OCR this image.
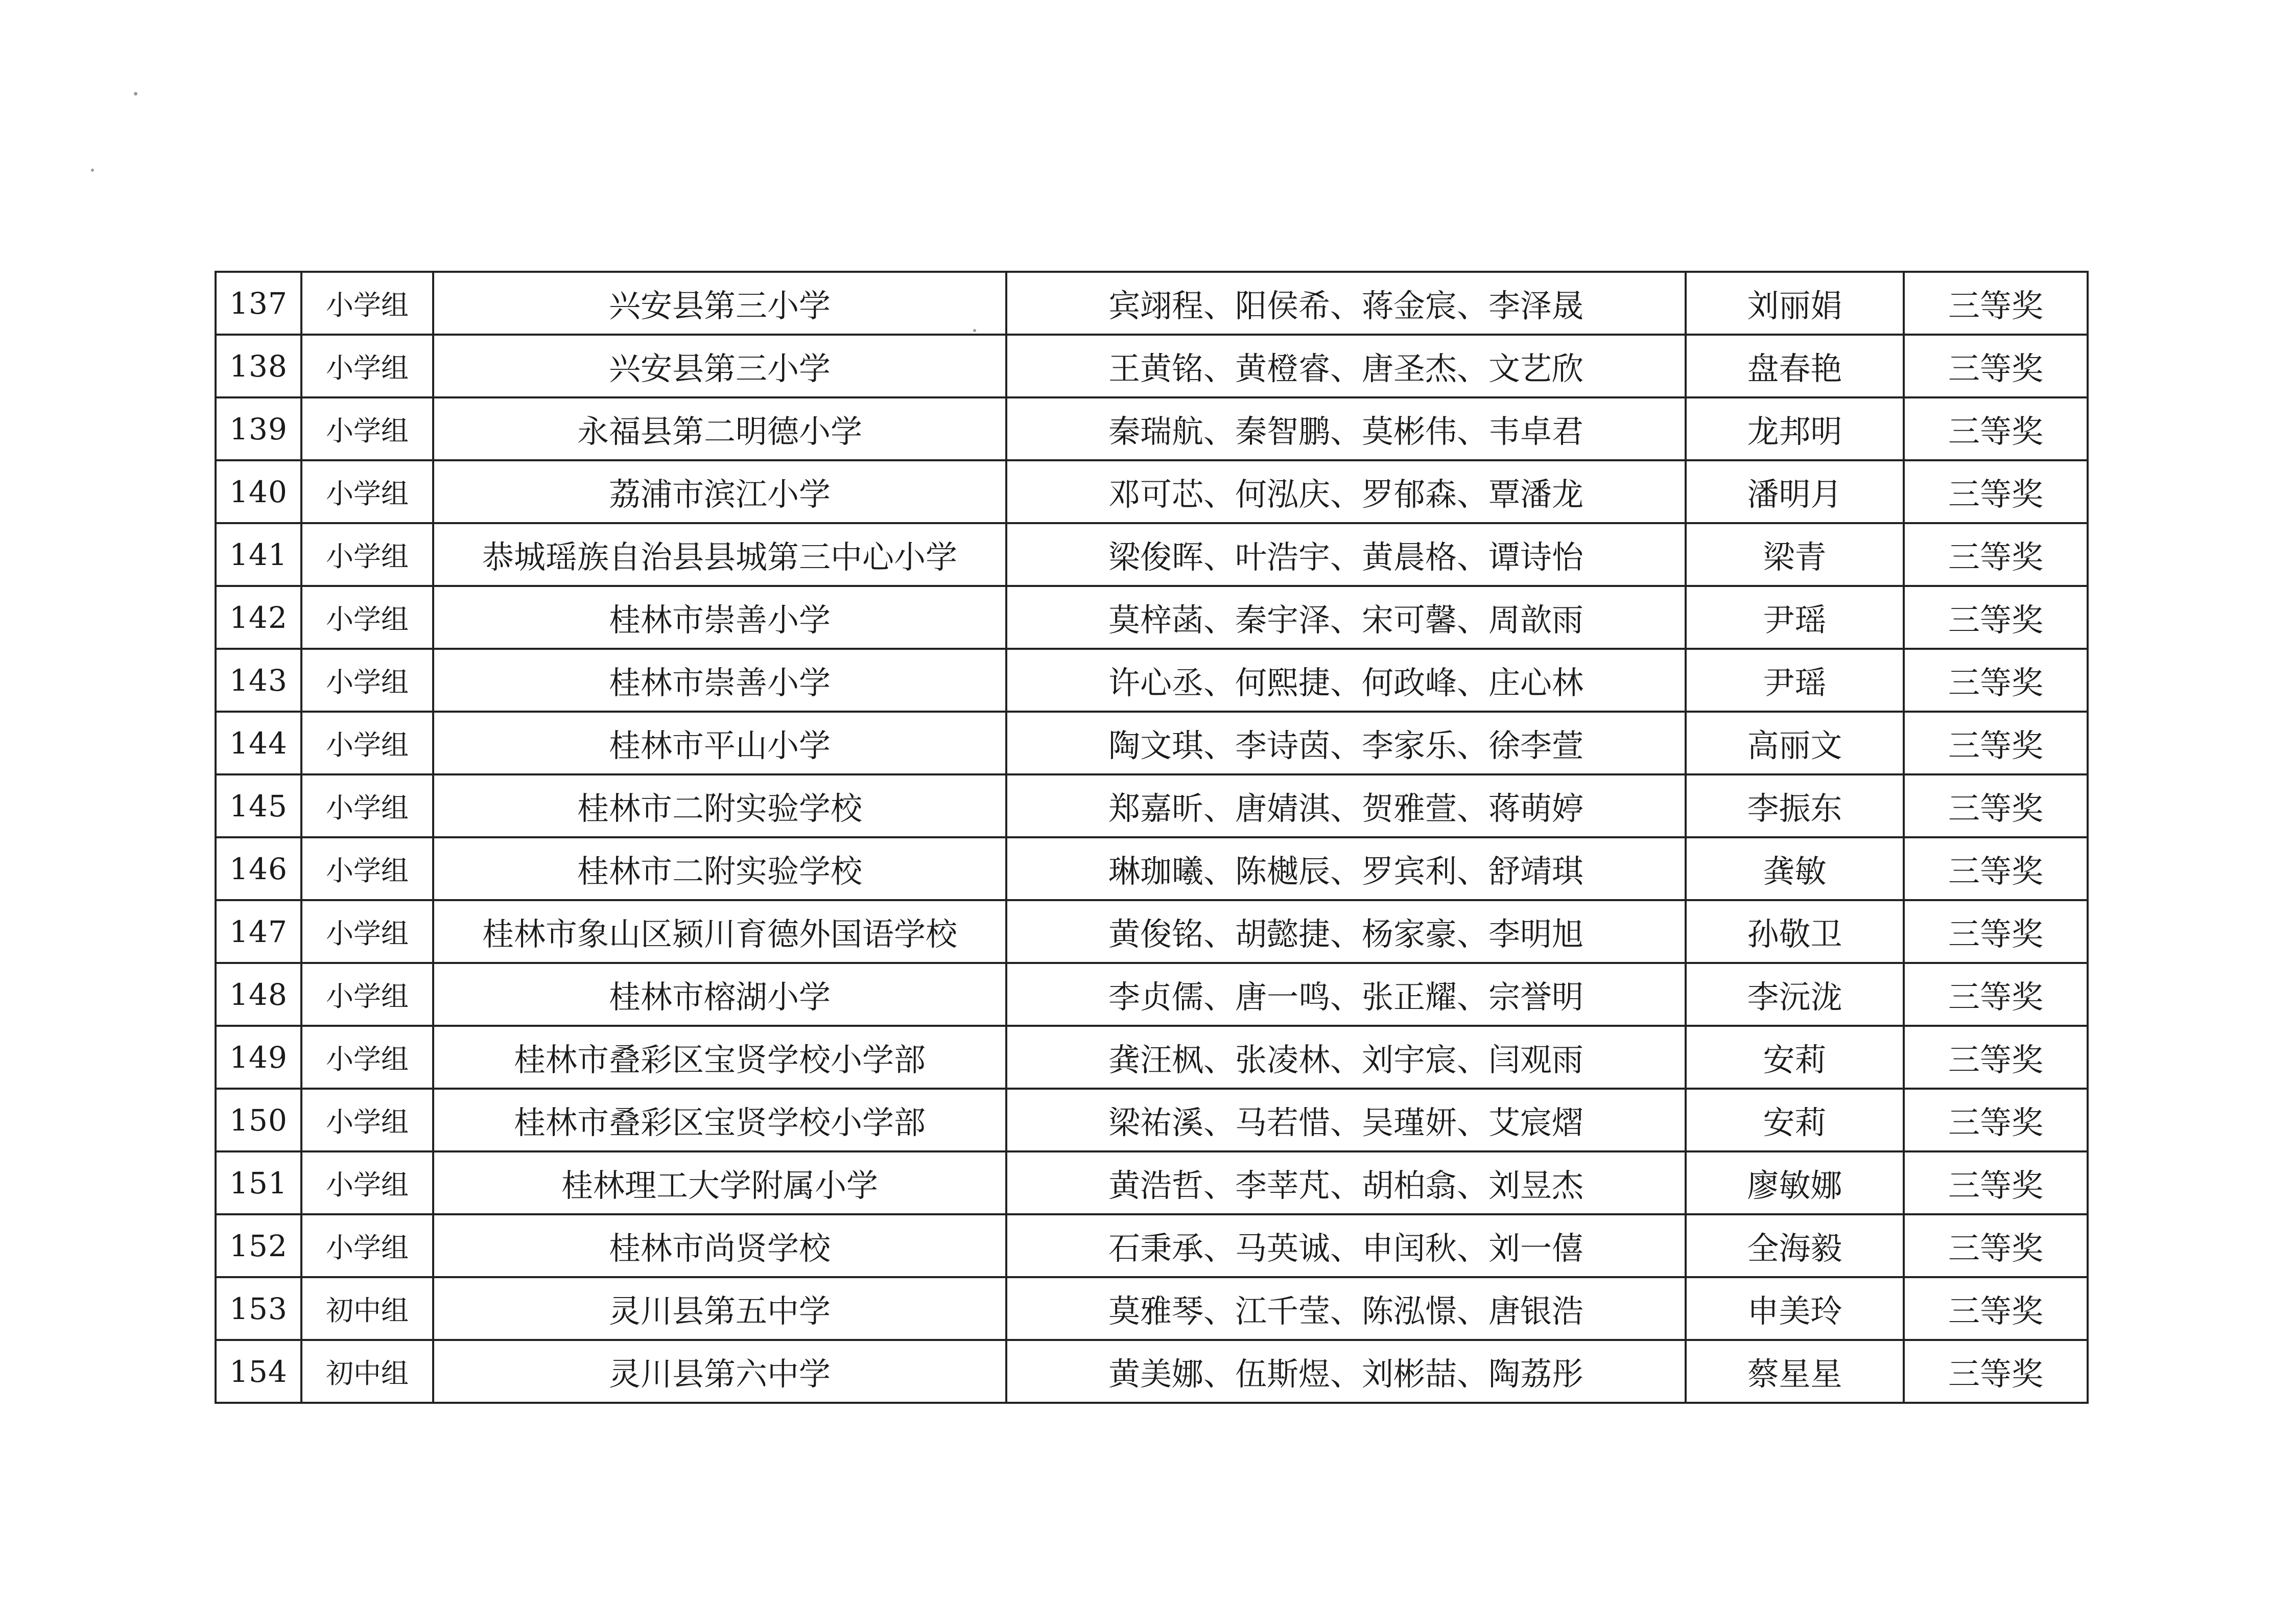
137	小学组	兴安县第三小学	宾翊程、阳侯希、蒋金宸、李泽晟	刘丽娟	三等奖
138	小学组	兴安县第三小学	王黄铭、黄橙睿、唐圣杰、文艺欣	盘春艳	三等奖
139	小学组	永福县第二明德小学	秦瑞航、秦智鹏、莫彬伟、韦卓君	龙邦明	三等奖
140	小学组	荔浦市滨江小学	邓可芯、何泓庆、罗郁森、覃潘龙	潘明月	三等奖
141	小学组	恭城瑶族自治县县城第三中心小学	梁俊晖、叶浩宇、黄晨格、谭诗怡	梁青	三等奖
142	小学组	桂林市崇善小学	莫梓菡、秦宇泽、宋可馨、周歆雨	尹瑶	三等奖
143	小学组	桂林市崇善小学	许心丞、何熙捷、何政峰、庄心林	尹瑶	三等奖
144	小学组	桂林市平山小学	陶文琪、李诗茵、李家乐、徐李萱	高丽文	三等奖
145	小学组	桂林市二附实验学校	郑嘉昕、唐婧淇、贺雅萱、蒋萌婷	李振东	三等奖
146	小学组	桂林市二附实验学校	琳珈曦、陈樾辰、罗宾利、舒靖琪	龚敏	三等奖
147	小学组	桂林市象山区颍川育德外国语学校	黄俊铭、胡懿捷、杨家豪、李明旭	孙敬卫	三等奖
148	小学组	桂林市榕湖小学	李贞儒、唐一鸣、张正耀、宗誉明	李沅泷	三等奖
149	小学组	桂林市叠彩区宝贤学校小学部	龚汪枫、张凌林、刘宇宸、闫观雨	安莉	三等奖
150	小学组	桂林市叠彩区宝贤学校小学部	梁祐溪、马若惜、吴瑾妍、艾宸熠	安莉	三等奖
151	小学组	桂林理工大学附属小学	黄浩哲、李莘芃、胡柏翕、刘昱杰	廖敏娜	三等奖
152	小学组	桂林市尚贤学校	石秉承、马英诚、申闰秋、刘一僖	全海毅	三等奖
153	初中组	灵川县第五中学	莫雅琴、江千莹、陈泓憬、唐银浩	申美玲	三等奖
154	初中组	灵川县第六中学	黄美娜、伍斯煜、刘彬喆、陶荔彤	蔡星星	三等奖
